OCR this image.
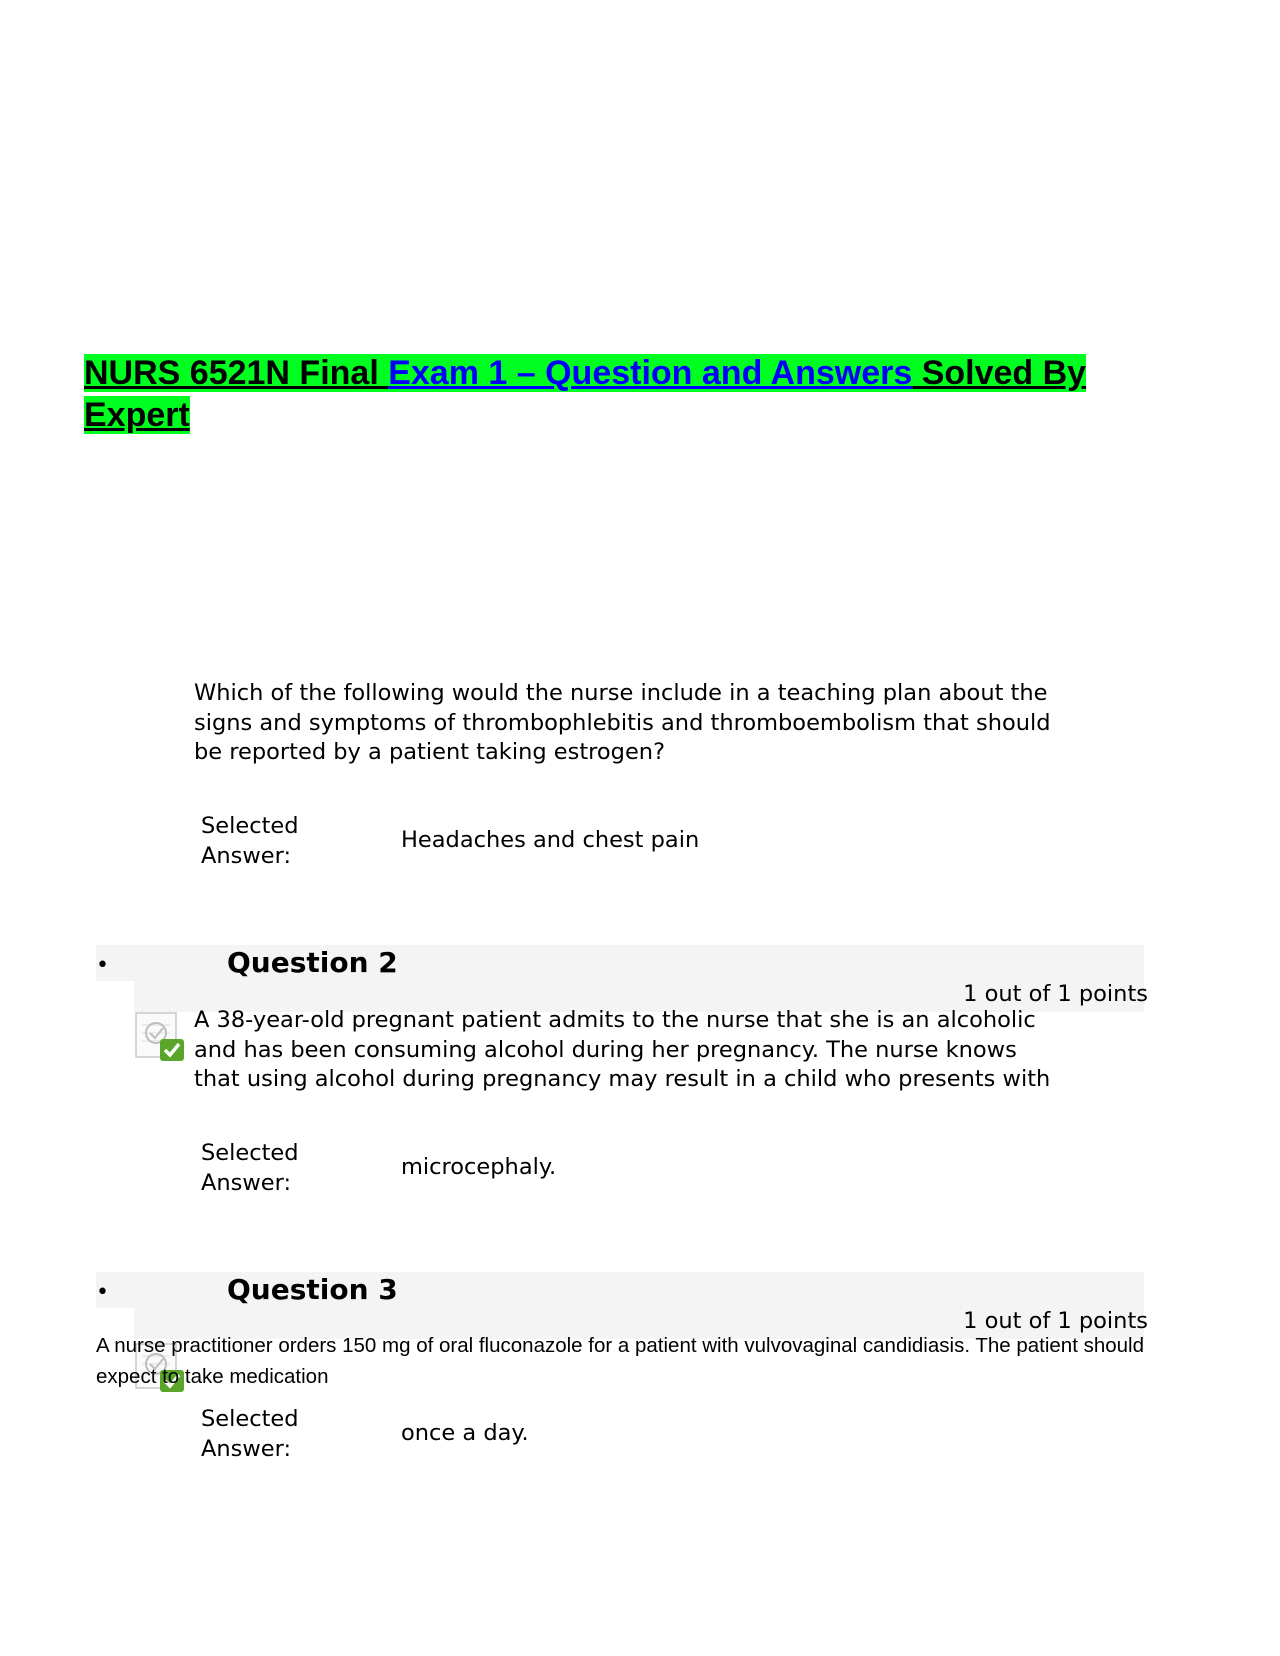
NURS 6521N Final Exam 1 – Question and Answers Solved By Expert

Which of the following would the nurse include in a teaching plan about the signs and symptoms of thrombophlebitis and thromboembolism that should be reported by a patient taking estrogen?

Selected Answer:
Headaches and chest pain
•	Question 2
1 out of 1 points

A 38-year-old pregnant patient admits to the nurse that she is an alcoholic and has been consuming alcohol during her pregnancy. The nurse knows that using alcohol during pregnancy may result in a child who presents with

Selected Answer:
microcephaly.
•	Question 3
1 out of 1 points

A nurse practitioner orders 150 mg of oral fluconazole for a patient with vulvovaginal candidiasis. The patient should expect to take medication

Selected Answer:
once a day.
